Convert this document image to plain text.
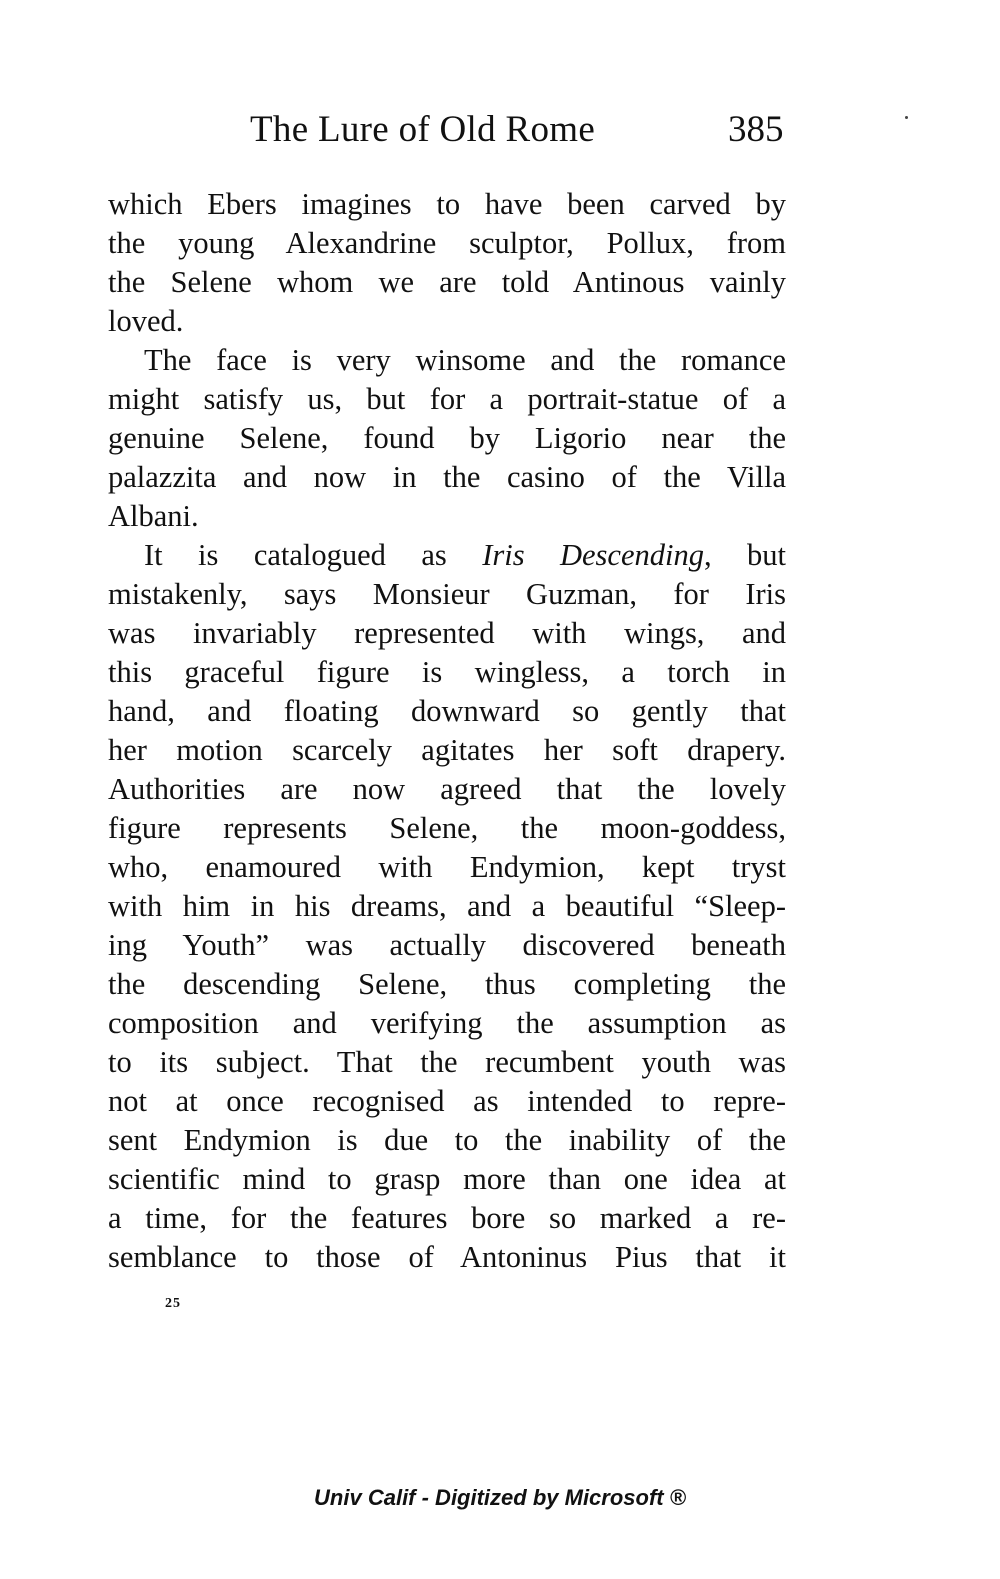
The Lure of Old Rome	385
which Ebers imagines to have been carved by
the young Alexandrine sculptor, Pollux, from
the Selene whom we are told Antinous vainly
loved.
The face is very winsome and the romance
might satisfy us, but for a portrait-statue of a
genuine Selene, found by Ligorio near the
palazzita and now in the casino of the Villa
Albani.
It is catalogued as Iris Descending, but
mistakenly, says Monsieur Guzman, for Iris
was invariably represented with wings, and
this graceful figure is wingless, a torch in
hand, and floating downward so gently that
her motion scarcely agitates her soft drapery.
Authorities are now agreed that the lovely
figure represents Selene, the moon-goddess,
who, enamoured with Endymion, kept tryst
with him in his dreams, and a beautiful “Sleep-
ing Youth” was actually discovered beneath
the descending Selene, thus completing the
composition and verifying the assumption as
to its subject. That the recumbent youth was
not at once recognised as intended to repre-
sent Endymion is due to the inability of the
scientific mind to grasp more than one idea at
a time, for the features bore so marked a re-
semblance to those of Antoninus Pius that it
25
Univ Calif - Digitized by Microsoft ®
